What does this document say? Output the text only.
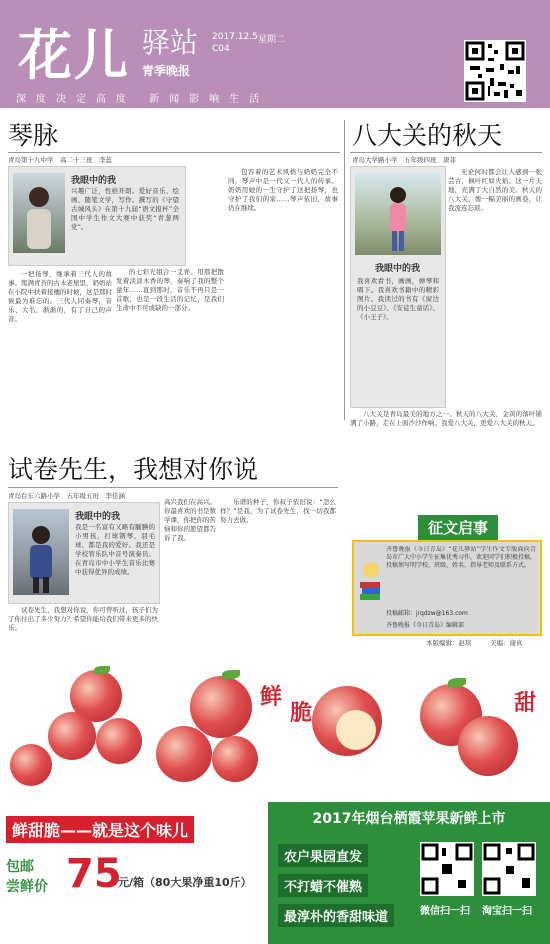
花儿 驿站
青季晚报
2017.12.5 星期二
C04
深度决定高度 新闻影响生活
琴脉
青岛第十九中学　高二十三班　李蕊
我眼中的我
兴趣广泛，性格开朗。爱好音乐、绘画、随笔文学，写作。撰写的《守望古城风头》在第十九届“语文报杯”全国中学生作文大赛中获奖“青葱两党”。
一把扬琴，继承着三代人的故事。爬满青苔的古木老屋里，奶奶站在小院中扶着接穗的时候，这是那时候最为难忘的。三代人同奏琴，音乐、大名，渐渐的，有了自己的声音。
的七彩光组合一爻弄。用那把散发着淡淡木香的琴，奏响了我的整个童年……直到那时，音乐不再只是一首歌，也是一段生活的记忆，是我们生命中不可或缺的一部分。
包容着的艺术风格与奶奶完全不同，琴声中是一代又一代人的传承。奶奶用她的一生守护了这把扬琴，也守护了我们的家……琴声依旧，故事仍在继续。
八大关的秋天
青岛大学路小学　五年级四班　唐菲
我眼中的我
我喜欢看书，画画，弹琴和唱下。我喜欢书籍中的精彩图片。我读过的书有《窗边的小豆豆》、《安徒生童话》、《小王子》。
无论何时都会让人感到一张芸古，枫叶红如火焰。这一片天地，充满了大自然的美。秋天的八大关，像一幅美丽的画卷，让我流连忘返。
八大关是青岛最美的地方之一。秋天的八大关，金黄的落叶铺满了小路，走在上面沙沙作响。我爱八大关，更爱八大关的秋天。
试卷先生，我想对你说
青岛台东六路小学　五年级五班　李佳涵
我眼中的我
我是一名富有又略有腼腆的小男孩，打球钢琴、羽毛球、都是我的爱好。我还是学校管乐队中音号演奏员。在青岛市中小学生音乐比赛中获得优异的成绩。
高兴我们在高兴。你最喜欢的书是数学课，你把你的苦恼和你的愿望都告诉了我。
乐谱的种子，你叔子依旧说：“怎么样？”是我，为了试卷先生，找一切我都努力去做。
试卷先生，我想对你说，你可曾听过，孩子们为了你付出了多少努力？希望你能给我们带来更多的快乐。
征文启事
齐鲁晚报《今日青岛》“花儿驿站”学生作文专版面向青岛市广大中小学生征集优秀习作，欢迎同学们积极投稿，投稿须写明学校、班级、姓名、指导老师及联系方式。
投稿邮箱：jrqdzw@163.com
齐鲁晚报《今日青岛》编辑部
本版编辑：赵琰	美编：谢真
鲜
脆	甜
鲜甜脆——就是这个味儿
包邮
尝鲜价 75
元/箱（80大果净重10斤）
2017年烟台栖霞苹果新鲜上市
农户果园直发
不打蜡不催熟
最淳朴的香甜味道	微信扫一扫 淘宝扫一扫
